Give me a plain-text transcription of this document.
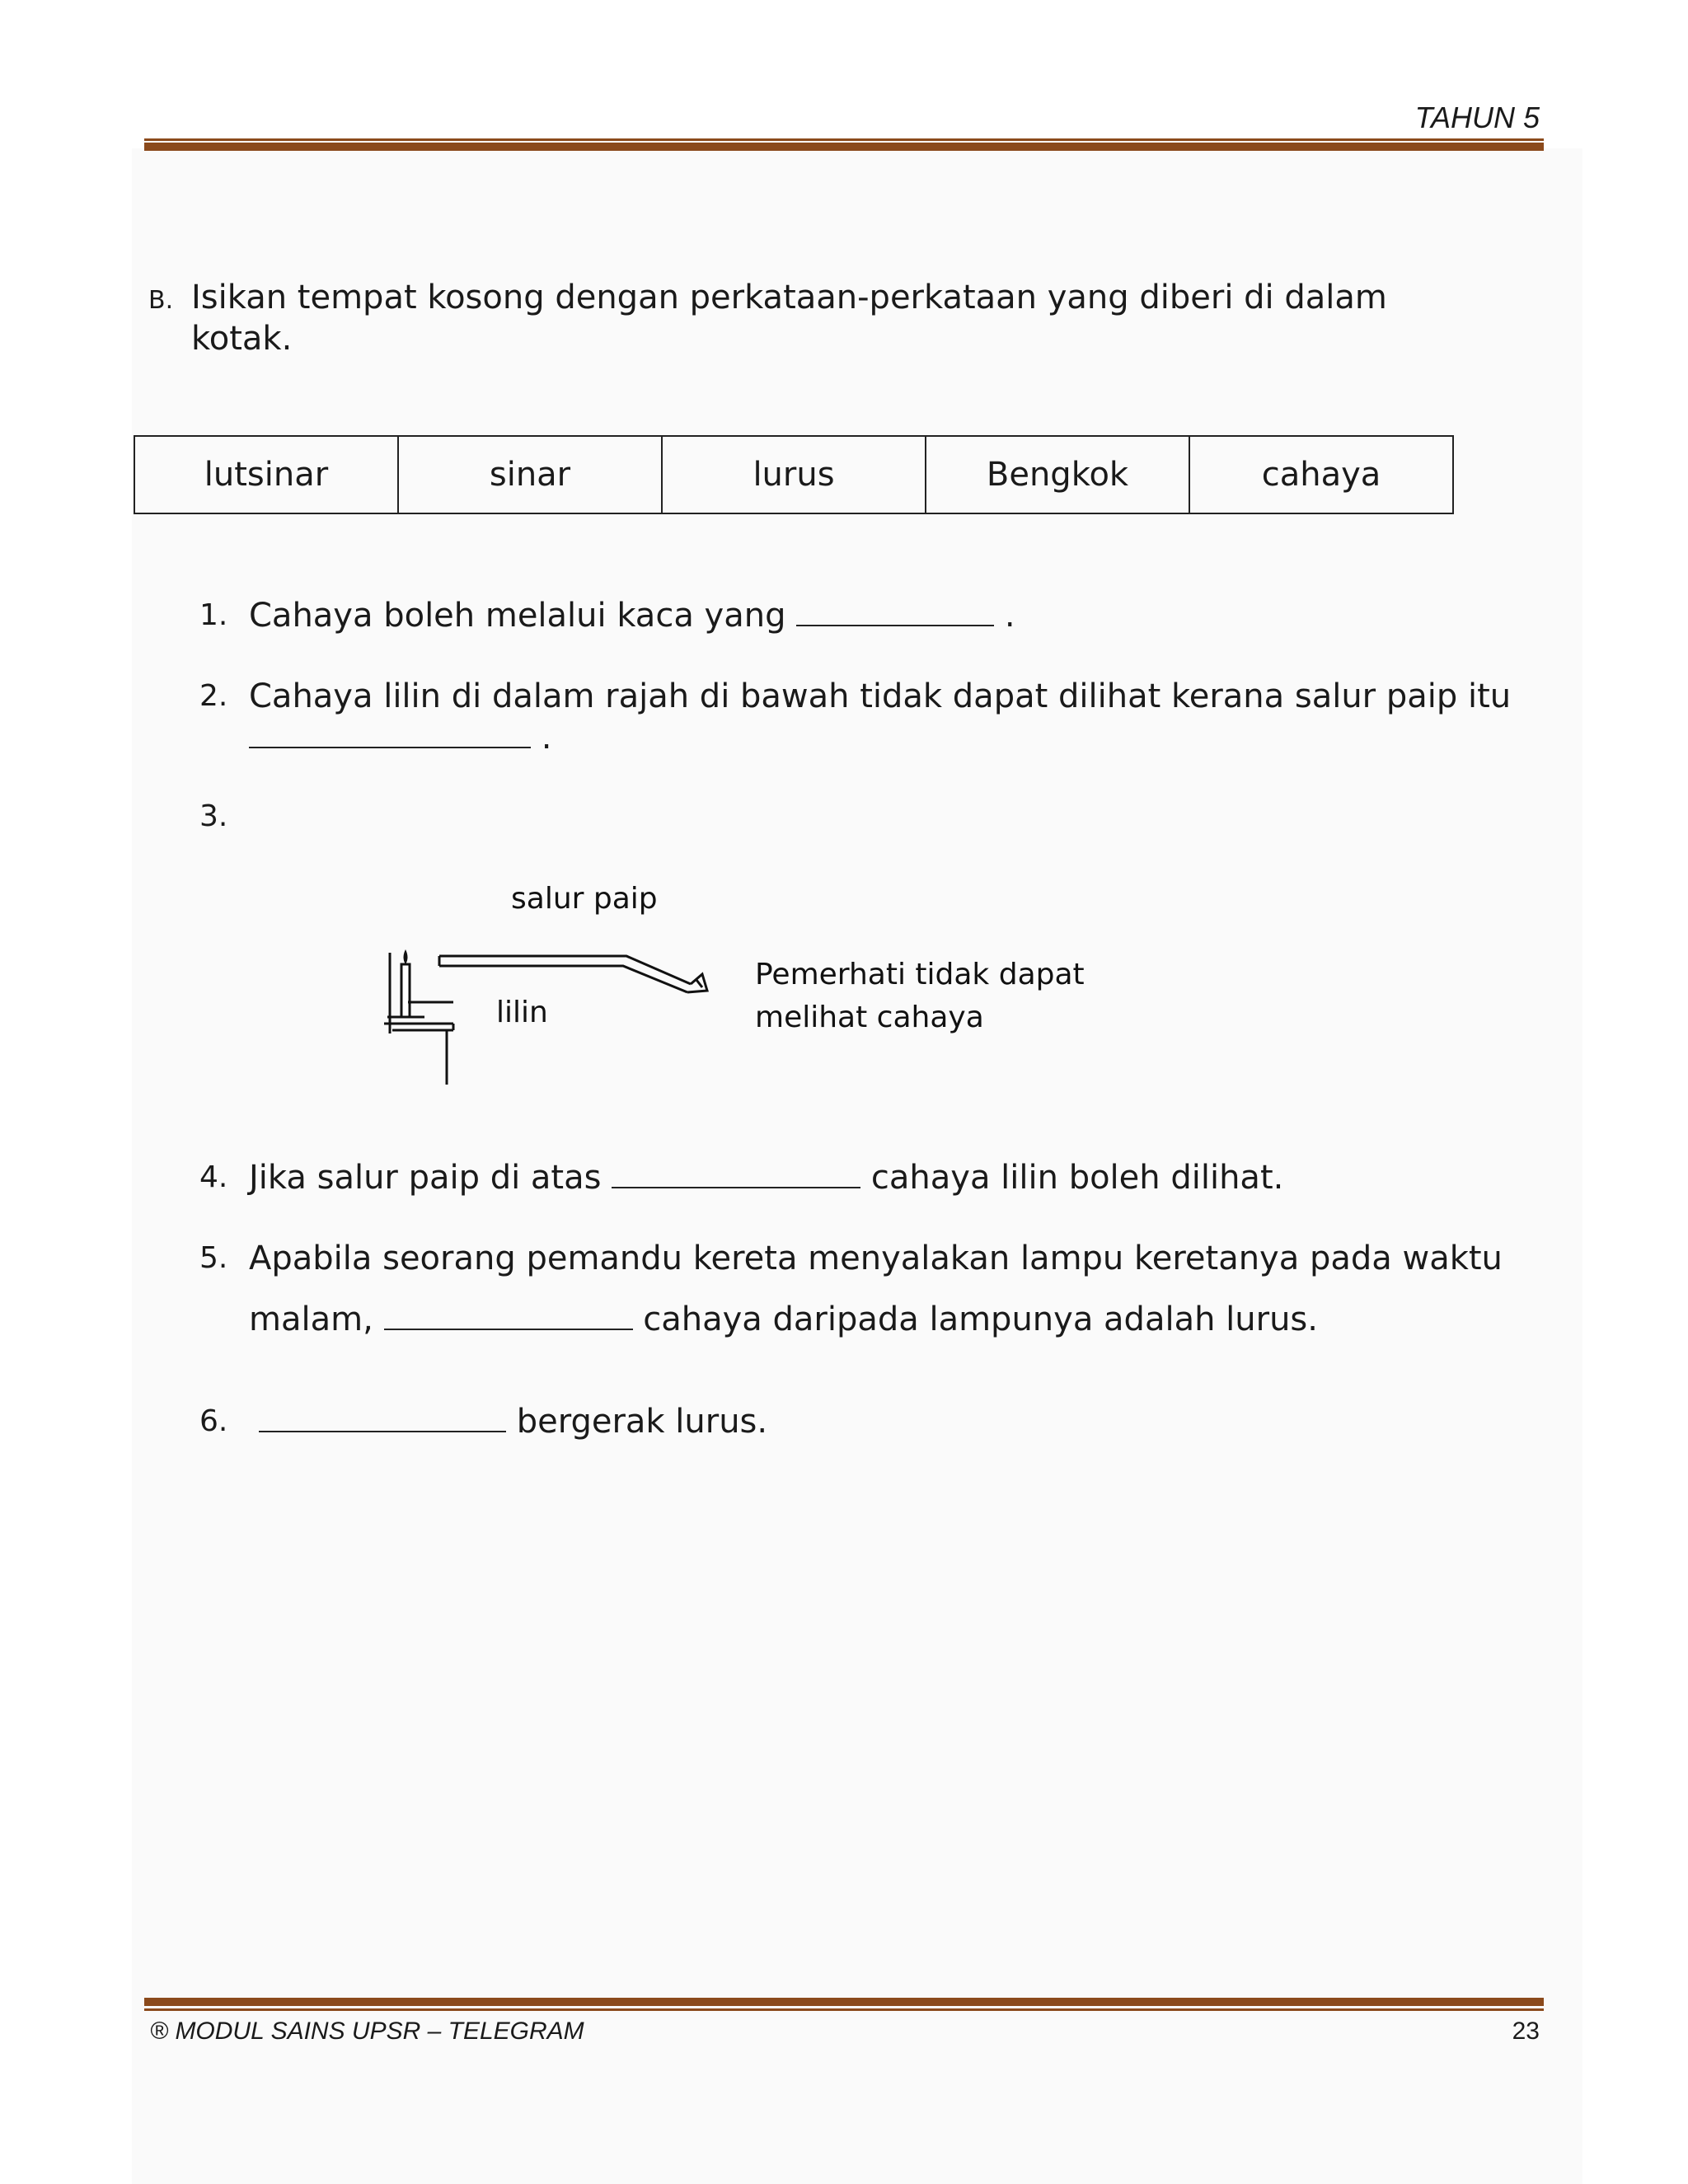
TAHUN 5
B. Isikan tempat kosong dengan perkataan-perkataan yang diberi di dalam
kotak.
lutsinar	sinar	lurus	Bengkok	cahaya
1. Cahaya boleh melalui kaca yang	.
2. Cahaya lilin di dalam rajah di bawah tidak dapat dilihat kerana salur paip itu
.
3.
salur paip
lilin
Pemerhati tidak dapat
melihat cahaya
4. Jika salur paip di atas	cahaya lilin boleh dilihat.
5. Apabila seorang pemandu kereta menyalakan lampu keretanya pada waktu
malam,	cahaya daripada lampunya adalah lurus.
6.	bergerak lurus.
® MODUL SAINS UPSR – TELEGRAM	23
